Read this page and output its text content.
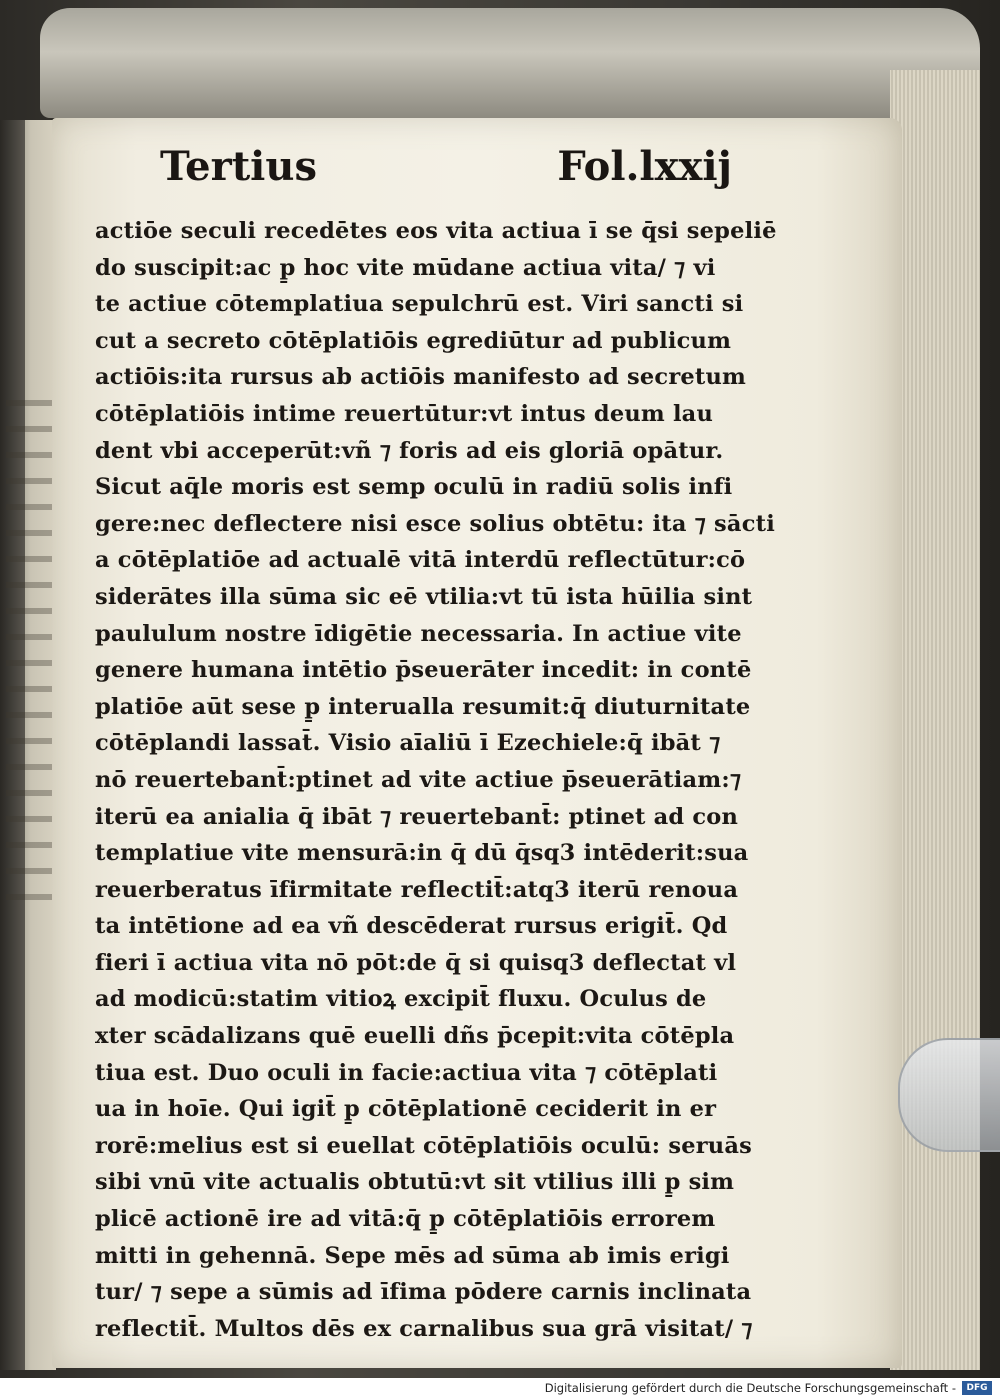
Tertius	Fol.lxxij
actiōe seculi recedētes eos vita actiua ī se q̄si sepeliē
do suscipit:ac p̱ hoc vite mūdane actiua vita/ ⁊ vi
te actiue cōtemplatiua sepulchrū est. Viri sancti si
cut a secreto cōtēplatiōis egrediūtur ad publicum
actiōis:ita rursus ab actiōis manifesto ad secretum
cōtēplatiōis intime reuertūtur:vt intus deum lau
dent vbi acceperūt:vñ ⁊ foris ad eis gloriā opātur.
Sicut aq̄le moris est semp oculū in radiū solis infi
gere:nec deflectere nisi esce solius obtētu: ita ⁊ sācti
a cōtēplatiōe ad actualē vitā interdū reflectūtur:cō
siderātes illa sūma sic eē vtilia:vt tū ista hūilia sint
paululum nostre īdigētie necessaria. In actiue vite
genere humana intētio p̄seuerāter incedit: in contē
platiōe aūt sese p̱ interualla resumit:q̄ diuturnitate
cōtēplandi lassat̄. Visio aīaliū ī Ezechiele:q̄ ibāt ⁊
nō reuertebant̄:ptinet ad vite actiue p̄seuerātiam:⁊
iterū ea anialia q̄ ibāt ⁊ reuertebant̄: ptinet ad con
templatiue vite mensurā:in q̄ dū q̄sq3 intēderit:sua
reuerberatus īfirmitate reflectit̄:atq3 iterū renoua
ta intētione ad ea vñ descēderat rursus erigit̄. Qd
fieri ī actiua vita nō pōt:de q̄ si quisq3 deflectat vl
ad modicū:statim vitioꝝ excipit̄ fluxu. Oculus de
xter scādalizans quē euelli dñs p̄cepit:vita cōtēpla
tiua est. Duo oculi in facie:actiua vita ⁊ cōtēplati
ua in hoīe. Qui igit̄ p̱ cōtēplationē ceciderit in er
rorē:melius est si euellat cōtēplatiōis oculū: seruās
sibi vnū vite actualis obtutū:vt sit vtilius illi p̱ sim
plicē actionē ire ad vitā:q̄ p̱ cōtēplatiōis errorem
mitti in gehennā. Sepe mēs ad sūma ab imis erigi
tur/ ⁊ sepe a sūmis ad īfima pōdere carnis inclinata
reflectit̄. Multos dēs ex carnalibus sua grā visitat/ ⁊
Digitalisierung gefördert durch die Deutsche Forschungsgemeinschaft -	DFG
